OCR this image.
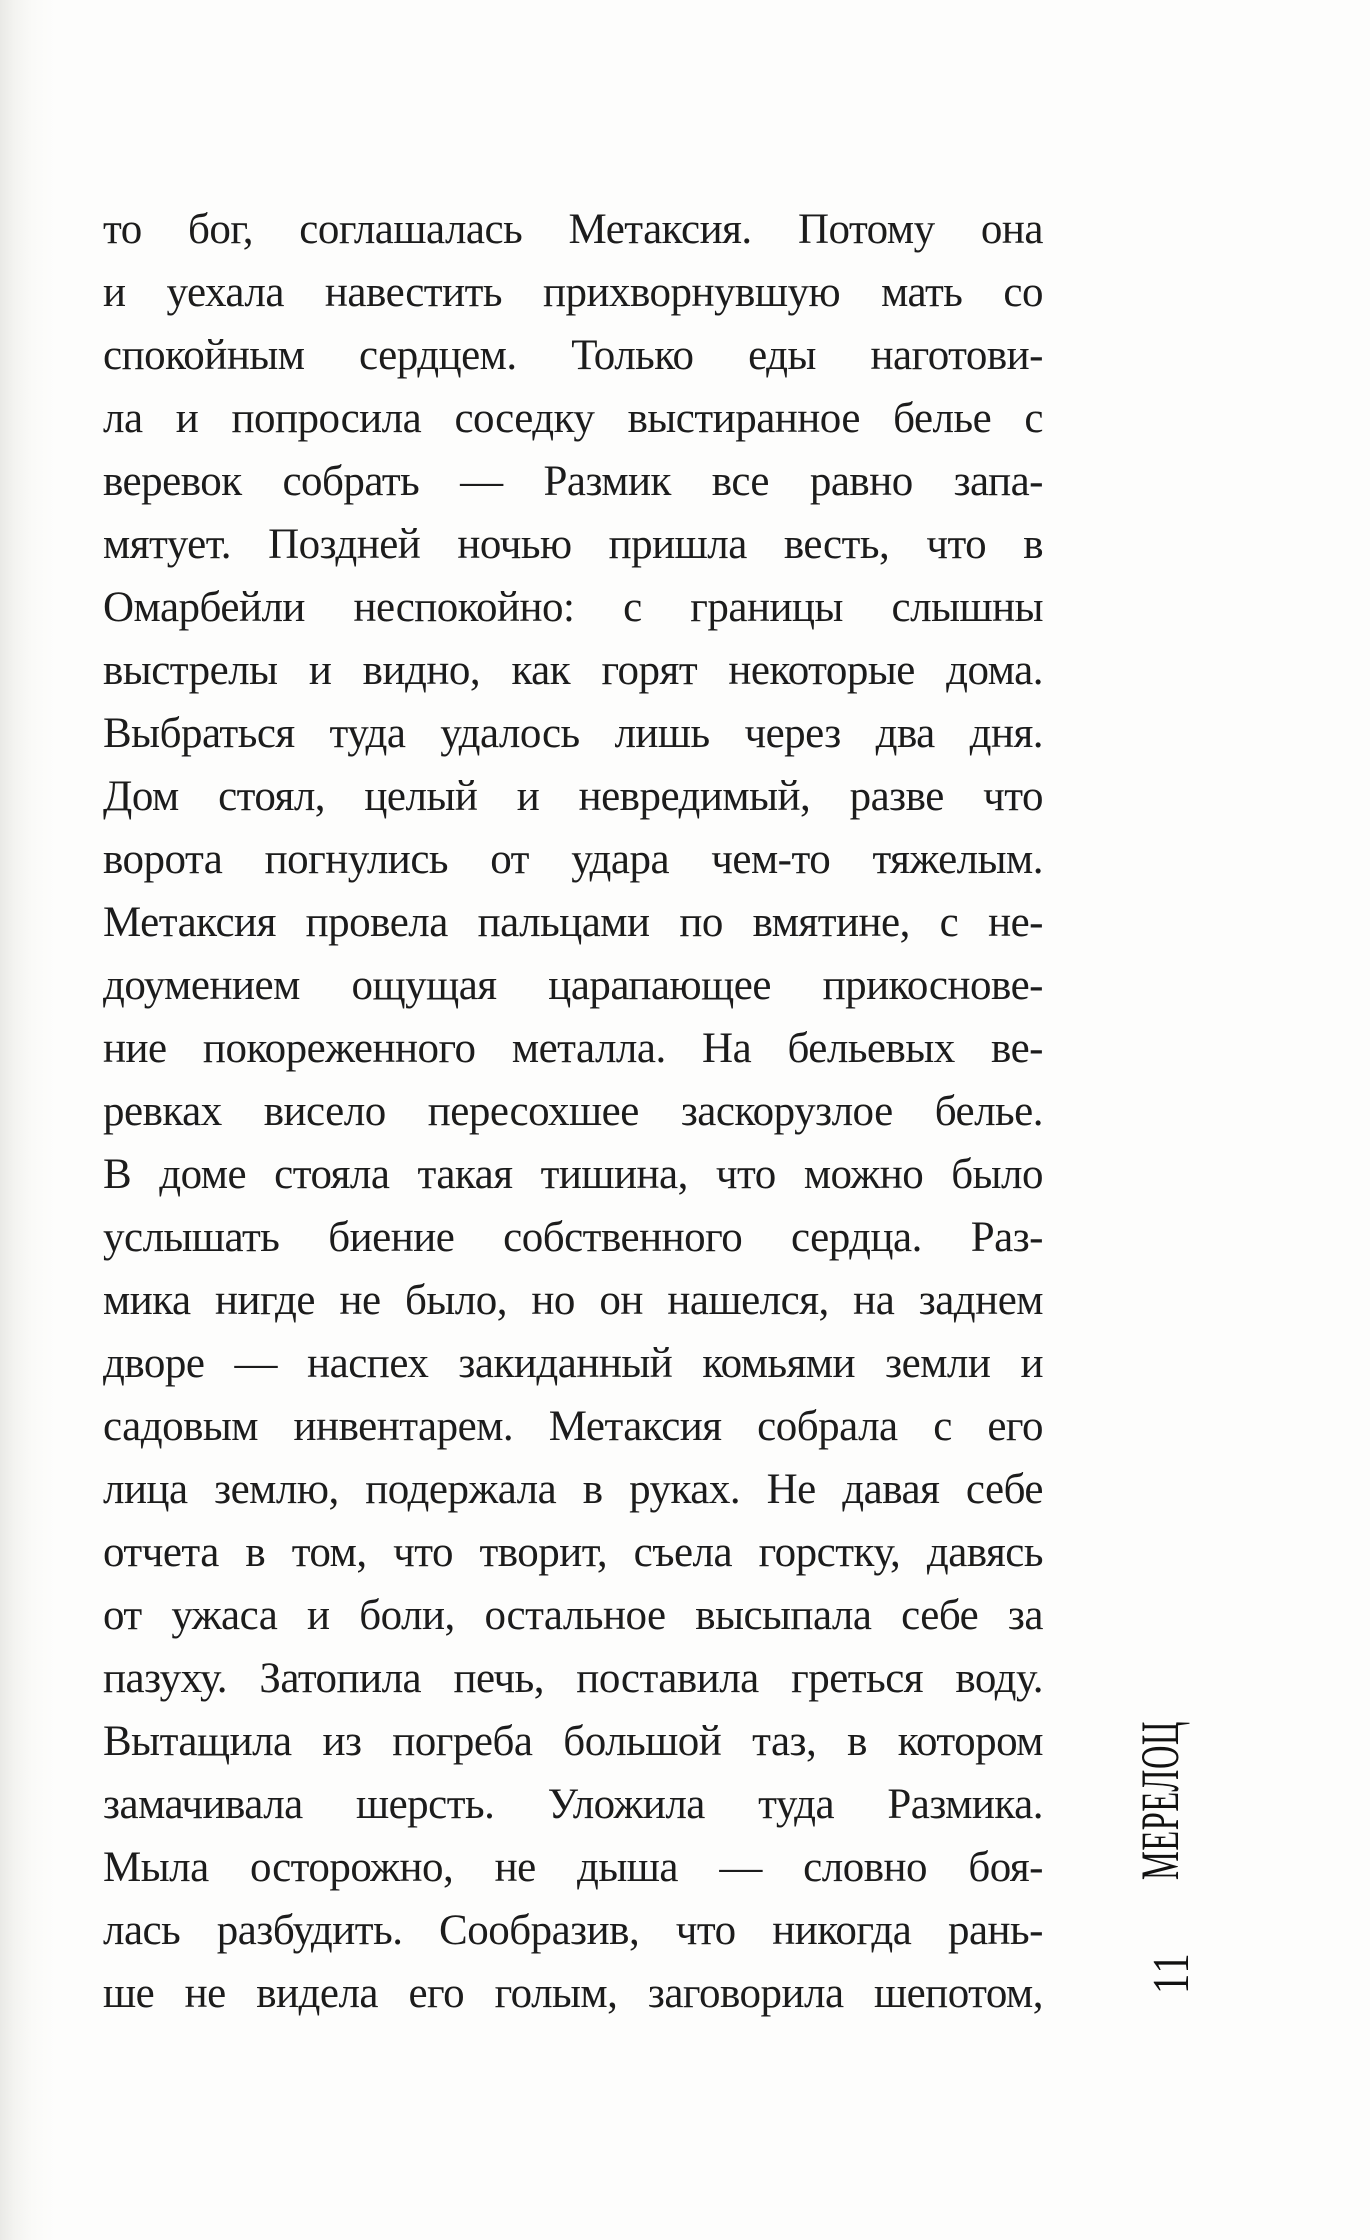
то бог, соглашалась Метаксия. Потому она
и уехала навестить прихворнувшую мать со
спокойным сердцем. Только еды наготови-
ла и попросила соседку выстиранное белье с
веревок собрать — Размик все равно запа-
мятует. Поздней ночью пришла весть, что в
Омарбейли неспокойно: с границы слышны
выстрелы и видно, как горят некоторые дома.
Выбраться туда удалось лишь через два дня.
Дом стоял, целый и невредимый, разве что
ворота погнулись от удара чем-то тяжелым.
Метаксия провела пальцами по вмятине, с не-
доумением ощущая царапающее прикоснове-
ние покореженного металла. На бельевых ве-
ревках висело пересохшее заскорузлое белье.
В доме стояла такая тишина, что можно было
услышать биение собственного сердца. Раз-
мика нигде не было, но он нашелся, на заднем
дворе — наспех закиданный комьями земли и
садовым инвентарем. Метаксия собрала с его
лица землю, подержала в руках. Не давая себе
отчета в том, что творит, съела горстку, давясь
от ужаса и боли, остальное высыпала себе за
пазуху. Затопила печь, поставила греться воду.
Вытащила из погреба большой таз, в котором
замачивала шерсть. Уложила туда Размика.
Мыла осторожно, не дыша — словно боя-
лась разбудить. Сообразив, что никогда рань-
ше не видела его голым, заговорила шепотом,
МЕРЕЛОЦ
11
